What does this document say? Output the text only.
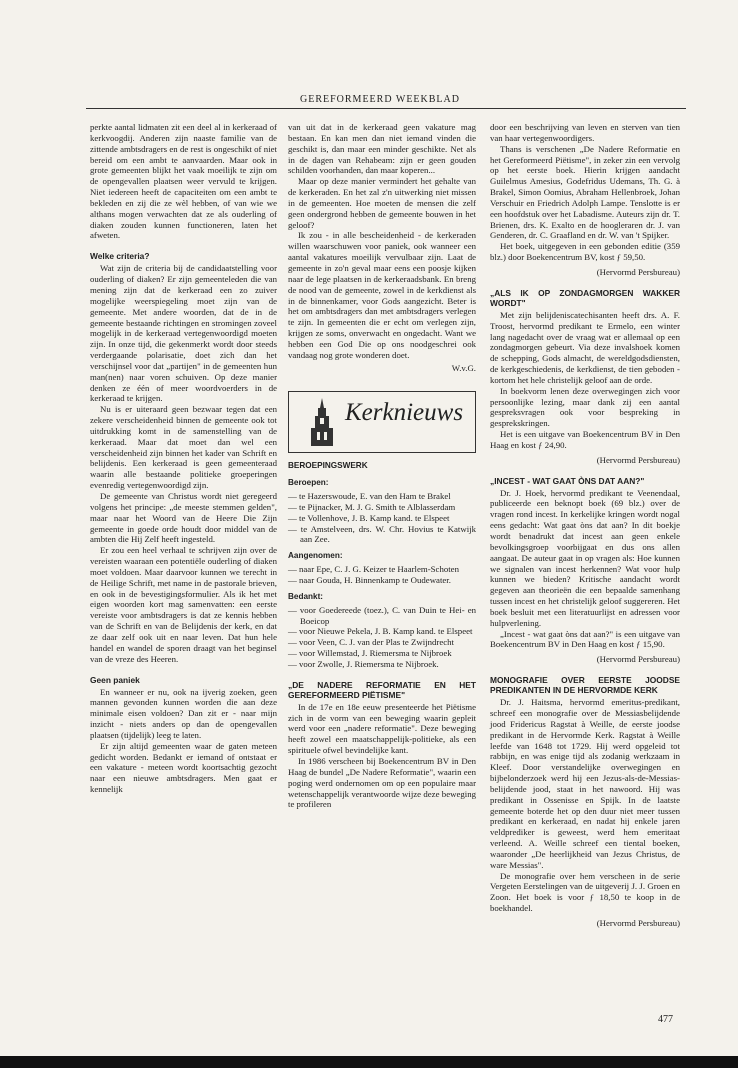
GEREFORMEERD WEEKBLAD

perkte aantal lidmaten zit een deel al in kerkeraad of kerkvoogdij. Anderen zijn naaste familie van de zittende ambtsdragers en de rest is ongeschikt of niet bereid om een ambt te aanvaarden. Maar ook in grote gemeenten blijkt het vaak moeilijk te zijn om de opengevallen plaatsen weer vervuld te krijgen. Niet iedereen heeft de capaciteiten om een ambt te bekleden en zij die ze wèl hebben, of van wie we althans mogen verwachten dat ze als ouderling of diaken zouden kunnen functioneren, laten het afweten.

Welke criteria?

Wat zijn de criteria bij de candidaatstelling voor ouderling of diaken? Er zijn gemeenteleden die van mening zijn dat de kerkeraad een zo zuiver mogelijke weerspiegeling moet zijn van de gemeente. Met andere woorden, dat de in de gemeente bestaande richtingen en stromingen zoveel mogelijk in de kerkeraad vertegenwoordigd moeten zijn. In onze tijd, die gekenmerkt wordt door steeds verdergaande polarisatie, doet zich dan het verschijnsel voor dat „partijen" in de gemeenten hun man(nen) naar voren schuiven. Op deze manier denken ze één of meer woordvoerders in de kerkeraad te krijgen.

Nu is er uiteraard geen bezwaar tegen dat een zekere verscheidenheid binnen de gemeente ook tot uitdrukking komt in de samenstelling van de kerkeraad. Maar dat moet dan wel een verscheidenheid zijn binnen het kader van Schrift en belijdenis. Een kerkeraad is geen gemeenteraad waarin alle bestaande politieke groeperingen evenredig vertegenwoordigd zijn.

De gemeente van Christus wordt niet geregeerd volgens het principe: „de meeste stemmen gelden", maar naar het Woord van de Heere Die Zijn gemeente in goede orde houdt door middel van de ambten die Hij Zelf heeft ingesteld.

Er zou een heel verhaal te schrijven zijn over de vereisten waaraan een potentiële ouderling of diaken moet voldoen. Maar daarvoor kunnen we terecht in de Heilige Schrift, met name in de pastorale brieven, en ook in de bevestigingsformulier. Als ik het met eigen woorden kort mag samenvatten: een eerste vereiste voor ambtsdragers is dat ze kennis hebben van de Schrift en van de Belijdenis der kerk, en dat ze daar zelf ook uit en naar leven. Dat hun hele handel en wandel de sporen draagt van het beginsel van de vreze des Heeren.

Geen paniek

En wanneer er nu, ook na ijverig zoeken, geen mannen gevonden kunnen worden die aan deze minimale eisen voldoen? Dan zit er - naar mijn inzicht - niets anders op dan de opengevallen plaatsen (tijdelijk) leeg te laten.

Er zijn altijd gemeenten waar de gaten meteen gedicht worden. Bedankt er iemand of ontstaat er een vakature - meteen wordt koortsachtig gezocht naar een nieuwe ambtsdragers. Men gaat er kennelijk

van uit dat in de kerkeraad geen vakature mag bestaan. En kan men dan niet iemand vinden die geschikt is, dan maar een minder geschikte. Net als in de dagen van Rehabeam: zijn er geen gouden schilden voorhanden, dan maar koperen...

Maar op deze manier vermindert het gehalte van de kerkeraden. En het zal z'n uitwerking niet missen in de gemeenten. Hoe moeten de mensen die zelf geen ondergrond hebben de gemeente bouwen in het geloof?

Ik zou - in alle bescheidenheid - de kerkeraden willen waarschuwen voor paniek, ook wanneer een aantal vakatures moeilijk vervulbaar zijn. Laat de gemeente in zo'n geval maar eens een poosje kijken naar de lege plaatsen in de kerkeraadsbank. En breng de nood van de gemeente, zowel in de kerkdienst als in de binnenkamer, voor Gods aangezicht. Beter is het om ambtsdragers dan met ambtsdragers verlegen te zijn. In gemeenten die er echt om verlegen zijn, krijgen ze soms, onverwacht en ongedacht. Want we hebben een God Die op ons noodgeschrei ook vandaag nog grote wonderen doet.

W.v.G.
Kerknieuws
BEROEPINGSWERK
Beroepen:
— te Hazerswoude, E. van den Ham te Brakel
— te Pijnacker, M. J. G. Smith te Alblasserdam
— te Vollenhove, J. B. Kamp kand. te Elspeet
— te Amstelveen, drs. W. Chr. Hovius te Katwijk aan Zee.
Aangenomen:
— naar Epe, C. J. G. Keizer te Haarlem-Schoten
— naar Gouda, H. Binnenkamp te Oudewater.
Bedankt:
— voor Goedereede (toez.), C. van Duin te Hei- en Boeicop
— voor Nieuwe Pekela, J. B. Kamp kand. te Elspeet
— voor Veen, C. J. van der Plas te Zwijndrecht
— voor Willemstad, J. Riemersma te Nijbroek
— voor Zwolle, J. Riemersma te Nijbroek.
„DE NADERE REFORMATIE EN HET GEREFORMEERD PIËTISME"

In de 17e en 18e eeuw presenteerde het Piëtisme zich in de vorm van een beweging waarin gepleit werd voor een „nadere reformatie". Deze beweging heeft zowel een maatschappelijk-politieke, als een spirituele ofwel bevindelijke kant.

In 1986 verscheen bij Boekencentrum BV in Den Haag de bundel „De Nadere Reformatie", waarin een poging werd ondernomen om op een populaire maar wetenschappelijk verantwoorde wijze deze beweging te profileren

door een beschrijving van leven en sterven van tien van haar vertegenwoordigers.

Thans is verschenen „De Nadere Reformatie en het Gereformeerd Piëtisme", in zeker zin een vervolg op het eerste boek. Hierin krijgen aandacht Guilelmus Amesius, Godefridus Udemans, Th. G. à Brakel, Simon Oomius, Abraham Hellenbroek, Johan Verschuir en Friedrich Adolph Lampe. Tenslotte is er een hoofdstuk over het Labadisme. Auteurs zijn dr. T. Brienen, drs. K. Exalto en de hoogleraren dr. J. van Genderen, dr. C. Graafland en dr. W. van 't Spijker.

Het boek, uitgegeven in een gebonden editie (359 blz.) door Boekencentrum BV, kost ƒ 59,50.

(Hervormd Persbureau)
„ALS IK OP ZONDAGMORGEN WAKKER WORDT"

Met zijn belijdeniscatechisanten heeft drs. A. F. Troost, hervormd predikant te Ermelo, een winter lang nagedacht over de vraag wat er allemaal op een zondagmorgen gebeurt. Via deze invalshoek komen de schepping, Gods almacht, de wereldgodsdiensten, de kerkgeschiedenis, de kerkdienst, de tien geboden - kortom het hele christelijk geloof aan de orde.

In boekvorm lenen deze overwegingen zich voor persoonlijke lezing, maar dank zij een aantal gespreksvragen ook voor bespreking in gesprekskringen.

Het is een uitgave van Boekencentrum BV in Den Haag en kost ƒ 24,90.

(Hervormd Persbureau)
„INCEST - WAT GAAT ÒNS DAT AAN?"

Dr. J. Hoek, hervormd predikant te Veenendaal, publiceerde een beknopt boek (69 blz.) over de vragen rond incest. In kerkelijke kringen wordt nogal eens gedacht: Wat gaat òns dat aan? In dit boekje wordt benadrukt dat incest aan geen enkele bevolkingsgroep voorbijgaat en dus ons allen aangaat. De auteur gaat in op vragen als: Hoe kunnen we signalen van incest herkennen? Wat voor hulp kunnen we bieden? Kritische aandacht wordt gegeven aan theorieën die een bepaalde samenhang tussen incest en het christelijk geloof suggereren. Het boek besluit met een literatuurlijst en adressen voor hulpverlening.

„Incest - wat gaat òns dat aan?" is een uitgave van Boekencentrum BV in Den Haag en kost ƒ 15,90.

(Hervormd Persbureau)
MONOGRAFIE OVER EERSTE JOODSE PREDIKANTEN IN DE HERVORMDE KERK

Dr. J. Haitsma, hervormd emeritus-predikant, schreef een monografie over de Messiasbelijdende jood Fridericus Ragstat à Weille, de eerste joodse predikant in de Hervormde Kerk. Ragstat à Weille leefde van 1648 tot 1729. Hij werd opgeleid tot rabbijn, en was enige tijd als zodanig werkzaam in Kleef. Door verstandelijke overwegingen en bijbelonderzoek werd hij een Jezus-als-de-Messias-belijdende jood, staat in het nawoord. Hij was predikant in Ossenisse en Spijk. In de laatste gemeente boterde het op den duur niet meer tussen predikant en kerkeraad, en nadat hij enkele jaren veldprediker is geweest, werd hem emeritaat verleend. A. Weille schreef een tiental boeken, waaronder „De heerlijkheid van Jezus Christus, de ware Messias".

De monografie over hem verscheen in de serie Vergeten Eerstelingen van de uitgeverij J. J. Groen en Zoon. Het boek is voor ƒ 18,50 te koop in de boekhandel.

(Hervormd Persbureau)
477
